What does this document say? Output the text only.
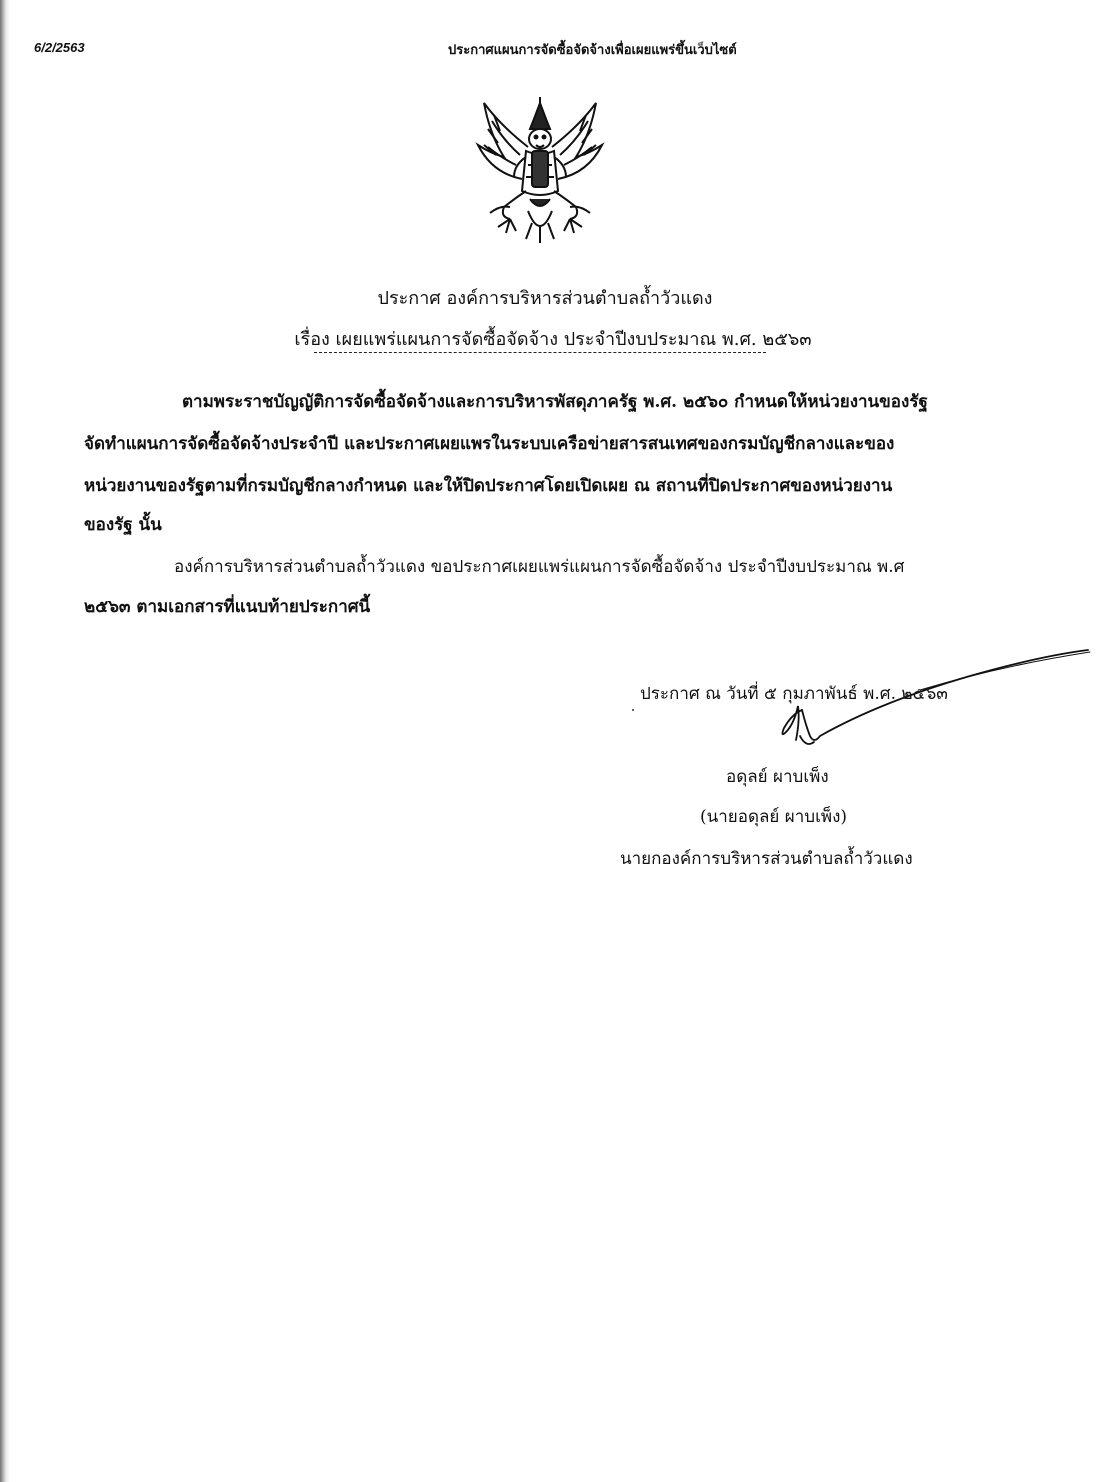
6/2/2563	ประกาศแผนการจัดซื้อจัดจ้างเพื่อเผยแพร่ขึ้นเว็บไซต์
ประกาศ องค์การบริหารส่วนตำบลถ้ำวัวแดง
เรื่อง เผยแพร่แผนการจัดซื้อจัดจ้าง ประจำปีงบประมาณ พ.ศ. ๒๕๖๓
ตามพระราชบัญญัติการจัดซื้อจัดจ้างและการบริหารพัสดุภาครัฐ พ.ศ. ๒๕๖๐ กำหนดให้หน่วยงานของรัฐ
จัดทำแผนการจัดซื้อจัดจ้างประจำปี และประกาศเผยแพรในระบบเครือข่ายสารสนเทศของกรมบัญชีกลางและของ
หน่วยงานของรัฐตามที่กรมบัญชีกลางกำหนด และให้ปิดประกาศโดยเปิดเผย ณ สถานที่ปิดประกาศของหน่วยงาน
ของรัฐ นั้น
องค์การบริหารส่วนตำบลถ้ำวัวแดง ขอประกาศเผยแพร่แผนการจัดซื้อจัดจ้าง ประจำปีงบประมาณ พ.ศ
๒๕๖๓ ตามเอกสารที่แนบท้ายประกาศนี้
ประกาศ ณ วันที่ ๕ กุมภาพันธ์ พ.ศ. ๒๕๖๓
อดุลย์ ผาบเพ็ง
(นายอดุลย์ ผาบเพ็ง)
นายกองค์การบริหารส่วนตำบลถ้ำวัวแดง
